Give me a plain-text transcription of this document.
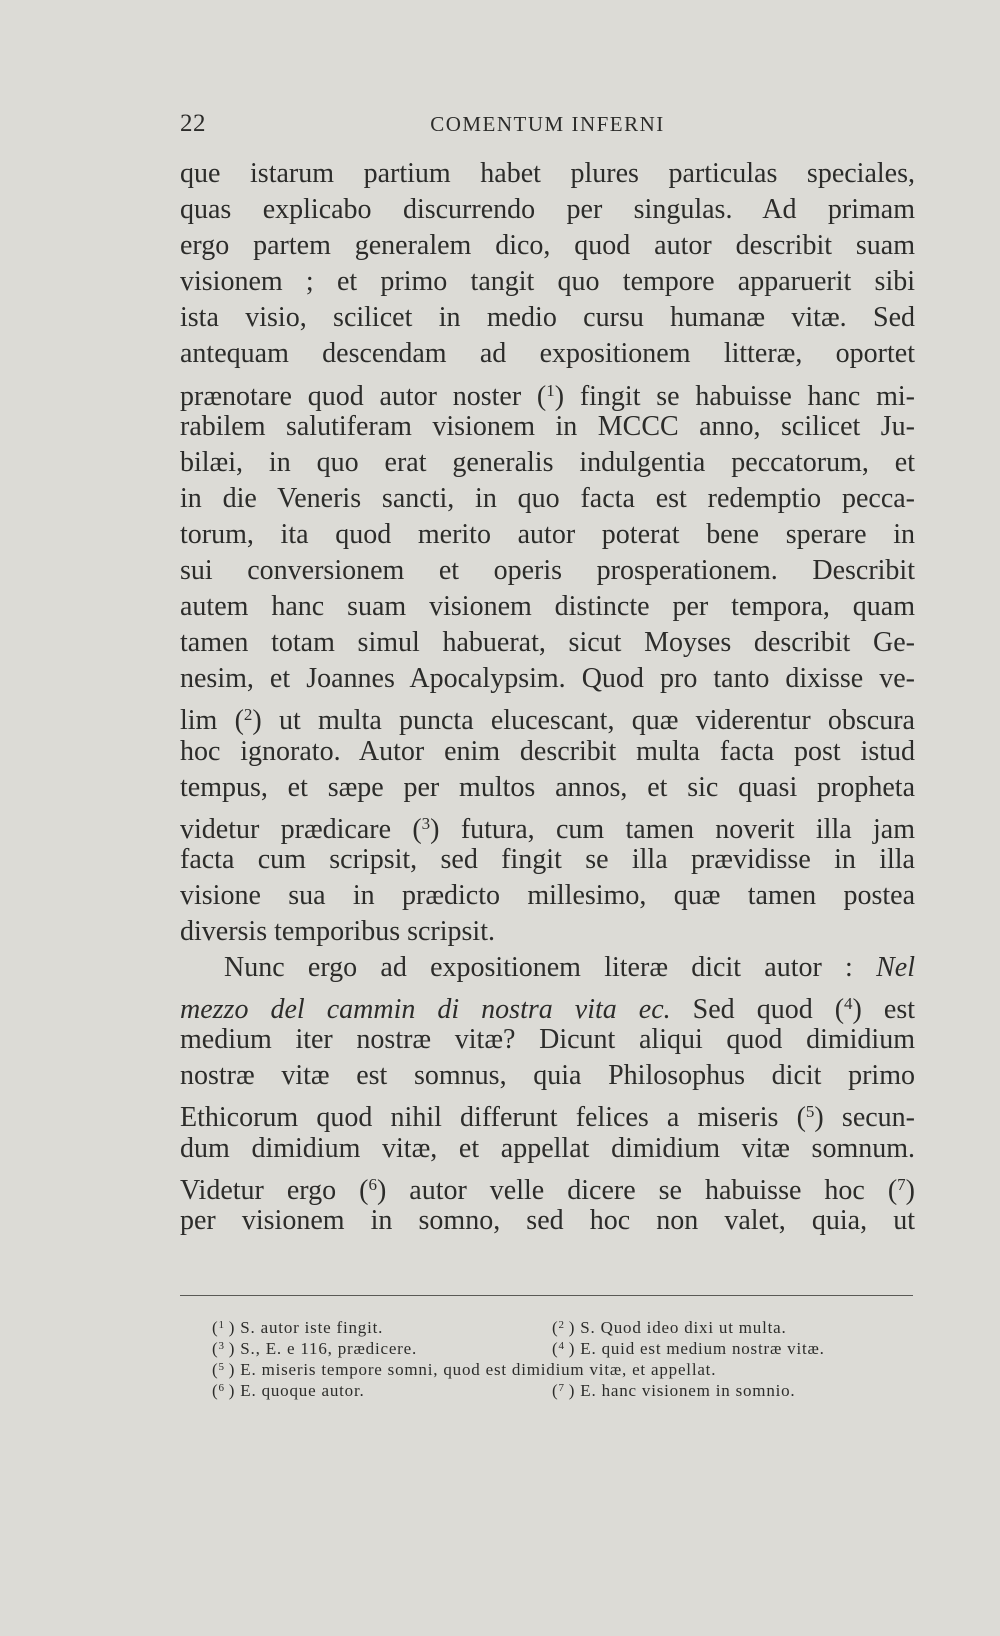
22	COMENTUM INFERNI
que istarum partium habet plures particulas speciales,
quas explicabo discurrendo per singulas. Ad primam
ergo partem generalem dico, quod autor describit suam
visionem ; et primo tangit quo tempore apparuerit sibi
ista visio, scilicet in medio cursu humanæ vitæ. Sed
antequam descendam ad expositionem litteræ, oportet
prænotare quod autor noster ($^1$) fingit se habuisse hanc mi-
rabilem salutiferam visionem in MCCC anno, scilicet Ju-
bilæi, in quo erat generalis indulgentia peccatorum, et
in die Veneris sancti, in quo facta est redemptio pecca-
torum, ita quod merito autor poterat bene sperare in
sui conversionem et operis prosperationem. Describit
autem hanc suam visionem distincte per tempora, quam
tamen totam simul habuerat, sicut Moyses describit Ge-
nesim, et Joannes Apocalypsim. Quod pro tanto dixisse ve-
lim ($^2$) ut multa puncta elucescant, quæ viderentur obscura
hoc ignorato. Autor enim describit multa facta post istud
tempus, et sæpe per multos annos, et sic quasi propheta
videtur prædicare ($^3$) futura, cum tamen noverit illa jam
facta cum scripsit, sed fingit se illa prævidisse in illa
visione sua in prædicto millesimo, quæ tamen postea
diversis temporibus scripsit.
Nunc ergo ad expositionem literæ dicit autor : Nel
mezzo del cammin di nostra vita ec. Sed quod ($^4$) est
medium iter nostræ vitæ? Dicunt aliqui quod dimidium
nostræ vitæ est somnus, quia Philosophus dicit primo
Ethicorum quod nihil differunt felices a miseris ($^5$) secun-
dum dimidium vitæ, et appellat dimidium vitæ somnum.
Videtur ergo ($^6$) autor velle dicere se habuisse hoc ($^7$)
per visionem in somno, sed hoc non valet, quia, ut
($^1$ ) S. autor iste fingit.	($^2$ ) S. Quod ideo dixi ut multa.
($^3$ ) S., E. e 116, prædicere.	($^4$ ) E. quid est medium nostræ vitæ.
($^5$ ) E. miseris tempore somni, quod est dimidium vitæ, et appellat.
($^6$ ) E. quoque autor.	($^7$ ) E. hanc visionem in somnio.
